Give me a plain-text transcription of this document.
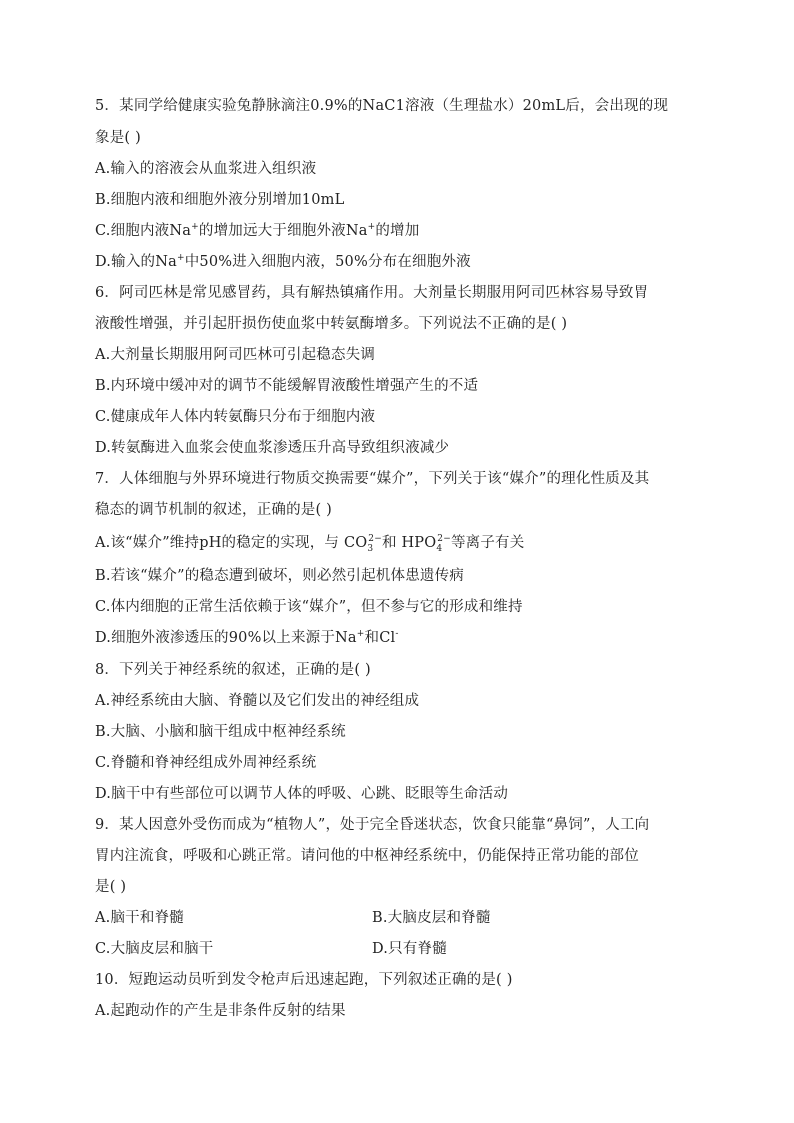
5．某同学给健康实验兔静脉滴注0.9%的NaC1溶液（生理盐水）20mL后，会出现的现
象是( )
A.输入的溶液会从血浆进入组织液
B.细胞内液和细胞外液分别增加10mL
C.细胞内液Na+的增加远大于细胞外液Na+的增加
D.输入的Na+中50%进入细胞内液，50%分布在细胞外液
6．阿司匹林是常见感冒药，具有解热镇痛作用。大剂量长期服用阿司匹林容易导致胃
液酸性增强，并引起肝损伤使血浆中转氨酶增多。下列说法不正确的是( )
A.大剂量长期服用阿司匹林可引起稳态失调
B.内环境中缓冲对的调节不能缓解胃液酸性增强产生的不适
C.健康成年人体内转氨酶只分布于细胞内液
D.转氨酶进入血浆会使血浆渗透压升高导致组织液减少
7．人体细胞与外界环境进行物质交换需要“媒介”，下列关于该“媒介”的理化性质及其
稳态的调节机制的叙述，正确的是( )
A.该“媒介”维持pH的稳定的实现，与 $CO_3^{2-}$和 $HPO_4^{2-}$等离子有关
B.若该“媒介”的稳态遭到破坏，则必然引起机体患遗传病
C.体内细胞的正常生活依赖于该“媒介”，但不参与它的形成和维持
D.细胞外液渗透压的90%以上来源于Na+和Cl-
8．下列关于神经系统的叙述，正确的是( )
A.神经系统由大脑、脊髓以及它们发出的神经组成
B.大脑、小脑和脑干组成中枢神经系统
C.脊髓和脊神经组成外周神经系统
D.脑干中有些部位可以调节人体的呼吸、心跳、眨眼等生命活动
9．某人因意外受伤而成为“植物人”，处于完全昏迷状态，饮食只能靠“鼻饲”，人工向
胃内注流食，呼吸和心跳正常。请问他的中枢神经系统中，仍能保持正常功能的部位
是( )
A.脑干和脊髓	B.大脑皮层和脊髓
C.大脑皮层和脑干	D.只有脊髓
10．短跑运动员听到发令枪声后迅速起跑，下列叙述正确的是( )
A.起跑动作的产生是非条件反射的结果
